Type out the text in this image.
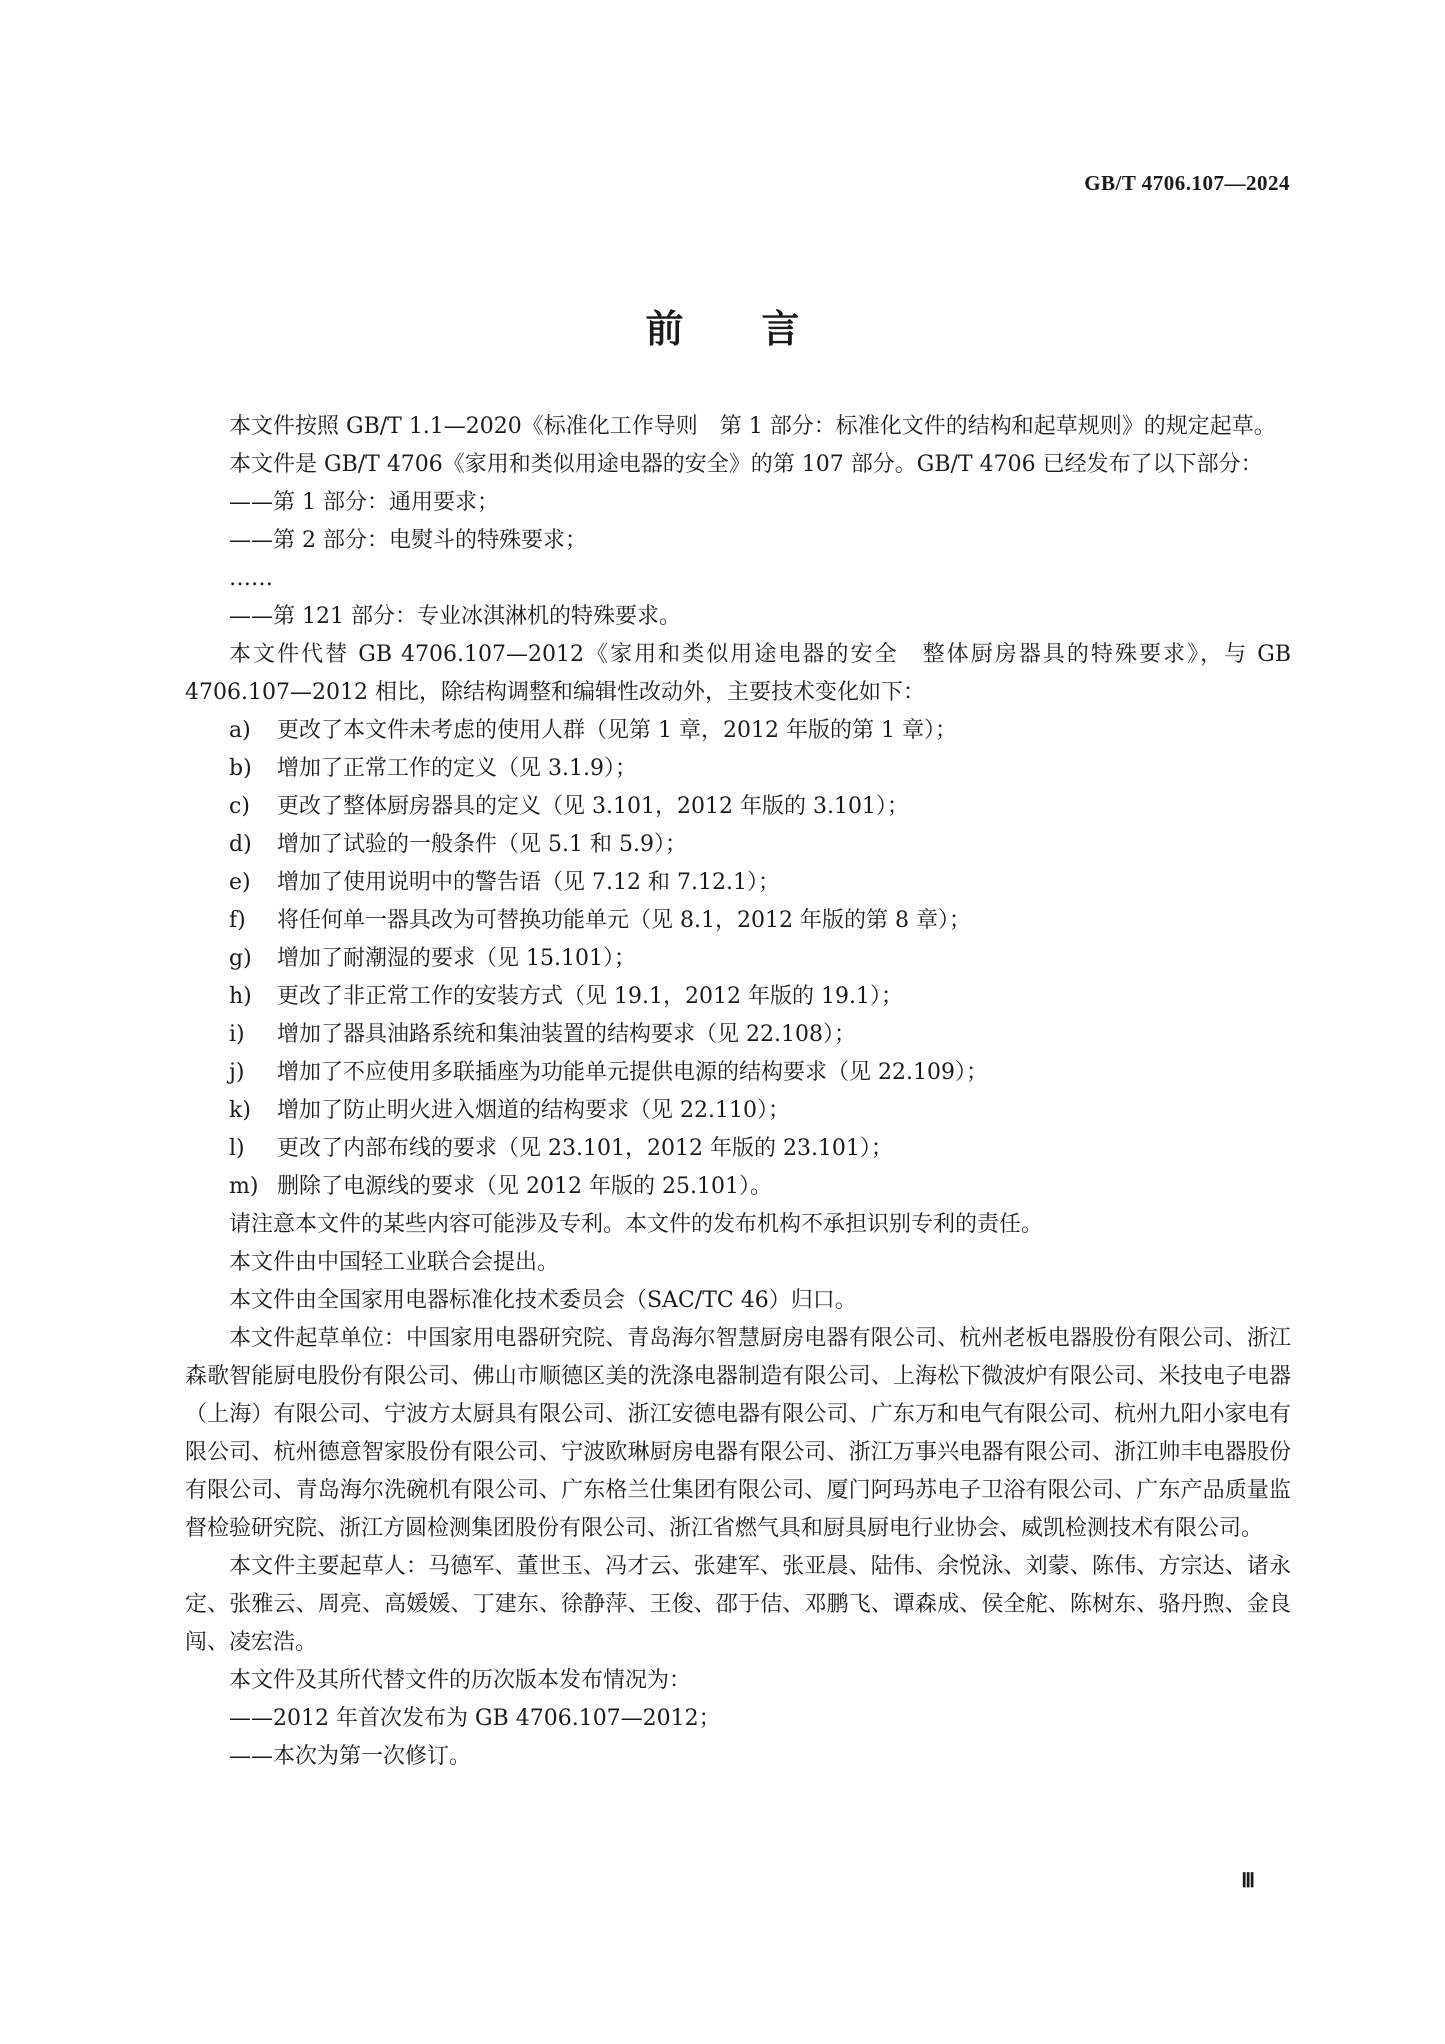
GB/T 4706.107—2024
前言

本文件按照 GB/T 1.1—2020《标准化工作导则　第 1 部分：标准化文件的结构和起草规则》的规定起草。

本文件是 GB/T 4706《家用和类似用途电器的安全》的第 107 部分。GB/T 4706 已经发布了以下部分：

——第 1 部分：通用要求；

——第 2 部分：电熨斗的特殊要求；

……

——第 121 部分：专业冰淇淋机的特殊要求。

本文件代替 GB 4706.107—2012《家用和类似用途电器的安全　整体厨房器具的特殊要求》，与 GB 4706.107—2012 相比，除结构调整和编辑性改动外，主要技术变化如下：

a)	更改了本文件未考虑的使用人群（见第 1 章，2012 年版的第 1 章）；

b)	增加了正常工作的定义（见 3.1.9）；

c)	更改了整体厨房器具的定义（见 3.101，2012 年版的 3.101）；

d)	增加了试验的一般条件（见 5.1 和 5.9）；

e)	增加了使用说明中的警告语（见 7.12 和 7.12.1）；

f)	将任何单一器具改为可替换功能单元（见 8.1，2012 年版的第 8 章）；

g)	增加了耐潮湿的要求（见 15.101）；

h)	更改了非正常工作的安装方式（见 19.1，2012 年版的 19.1）；

i)	增加了器具油路系统和集油装置的结构要求（见 22.108）；

j)	增加了不应使用多联插座为功能单元提供电源的结构要求（见 22.109）；

k)	增加了防止明火进入烟道的结构要求（见 22.110）；

l)	更改了内部布线的要求（见 23.101，2012 年版的 23.101）；

m) 删除了电源线的要求（见 2012 年版的 25.101）。

请注意本文件的某些内容可能涉及专利。本文件的发布机构不承担识别专利的责任。

本文件由中国轻工业联合会提出。

本文件由全国家用电器标准化技术委员会（SAC/TC 46）归口。

本文件起草单位：中国家用电器研究院、青岛海尔智慧厨房电器有限公司、杭州老板电器股份有限公司、浙江森歌智能厨电股份有限公司、佛山市顺德区美的洗涤电器制造有限公司、上海松下微波炉有限公司、米技电子电器（上海）有限公司、宁波方太厨具有限公司、浙江安德电器有限公司、广东万和电气有限公司、杭州九阳小家电有限公司、杭州德意智家股份有限公司、宁波欧琳厨房电器有限公司、浙江万事兴电器有限公司、浙江帅丰电器股份有限公司、青岛海尔洗碗机有限公司、广东格兰仕集团有限公司、厦门阿玛苏电子卫浴有限公司、广东产品质量监督检验研究院、浙江方圆检测集团股份有限公司、浙江省燃气具和厨具厨电行业协会、威凯检测技术有限公司。

本文件主要起草人：马德军、董世玉、冯才云、张建军、张亚晨、陆伟、余悦泳、刘蒙、陈伟、方宗达、诸永定、张雅云、周亮、高媛媛、丁建东、徐静萍、王俊、邵于佶、邓鹏飞、谭森成、侯全舵、陈树东、骆丹煦、金良闯、凌宏浩。

本文件及其所代替文件的历次版本发布情况为：

——2012 年首次发布为 GB 4706.107—2012；

——本次为第一次修订。

Ⅲ
